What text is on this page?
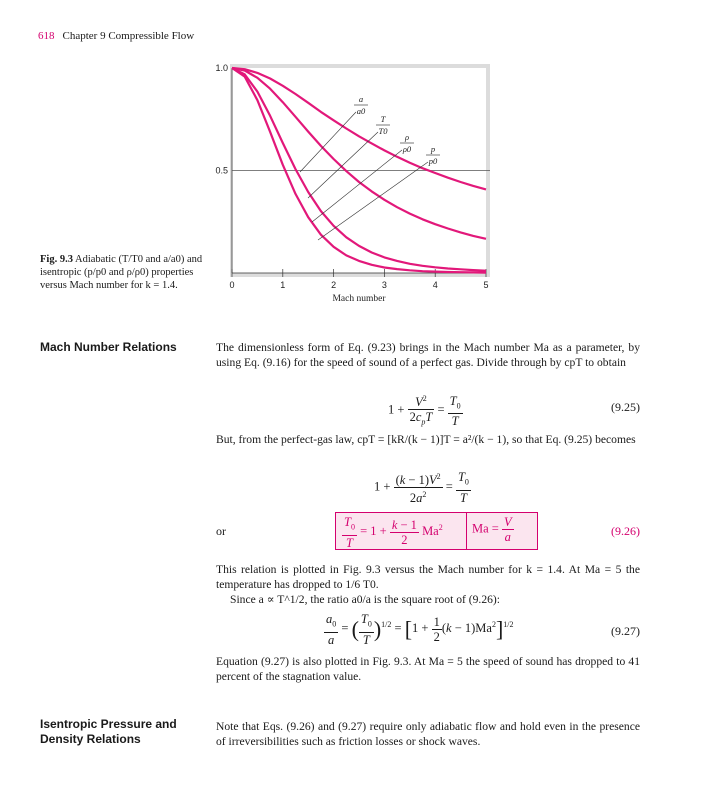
618 Chapter 9 Compressible Flow
0	1	2	3	4	5
0.5
1.0
Mach number
a
a0
T
T0
ρ
ρ0 p
p0
Fig. 9.3 Adiabatic (T/T0 and a/a0) and isentropic (p/p0 and ρ/ρ0) properties versus Mach number for k = 1.4.
Mach Number Relations	The dimensionless form of Eq. (9.23) brings in the Mach number Ma as a parameter, by using Eq. (9.16) for the speed of sound of a perfect gas. Divide through by cpT to obtain
$1 + \frac{V^2}{2c_pT} = \frac{T_0}{T}$	(9.25)
But, from the perfect-gas law, cpT = [kR/(k − 1)]T = a²/(k − 1), so that Eq. (9.25) becomes
$1 + \frac{(k - 1)V^2}{2a^2} = \frac{T_0}{T}$
or	$\frac{T_0}{T} = 1 + \frac{k - 1}{2} Ma^2$ $Ma = \frac{V}{a}$	(9.26)
This relation is plotted in Fig. 9.3 versus the Mach number for k = 1.4. At Ma = 5 the temperature has dropped to 1/6 T0.
Since a ∝ T^1/2, the ratio a0/a is the square root of (9.26):
$\frac{a_0}{a}$ = ( $\frac{T_0}{T} )^{1/2} = [1 + \frac{1}{2} (k - 1)Ma^2]^{1/2}$	(9.27)
Equation (9.27) is also plotted in Fig. 9.3. At Ma = 5 the speed of sound has dropped to 41 percent of the stagnation value.
Isentropic Pressure and Density Relations
Note that Eqs. (9.26) and (9.27) require only adiabatic flow and hold even in the presence of irreversibilities such as friction losses or shock waves.
